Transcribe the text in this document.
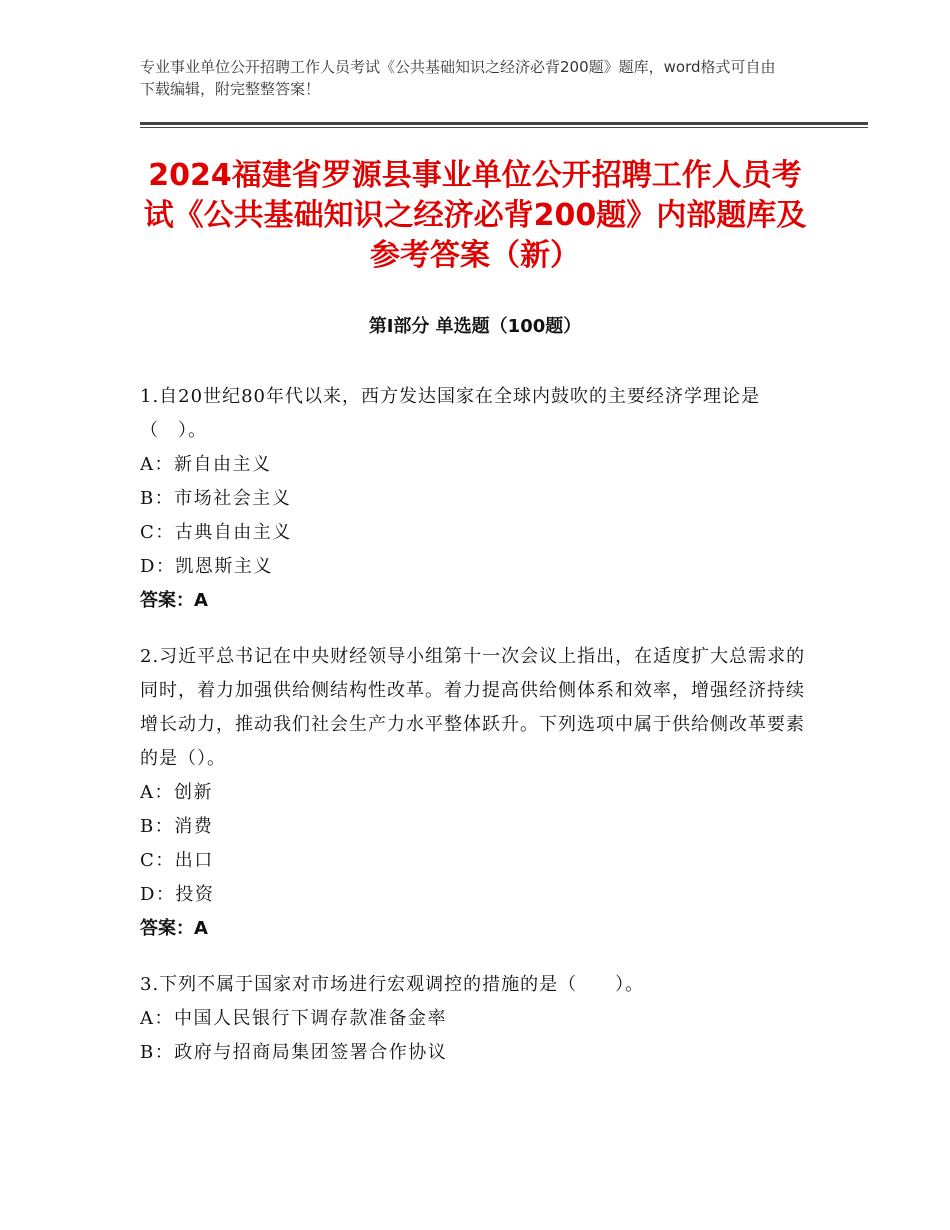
专业事业单位公开招聘工作人员考试《公共基础知识之经济必背200题》题库，word格式可自由下载编辑，附完整整答案！
2024福建省罗源县事业单位公开招聘工作人员考试《公共基础知识之经济必背200题》内部题库及参考答案（新）
第Ⅰ部分 单选题（100题）
1.自20世纪80年代以来，西方发达国家在全球内鼓吹的主要经济学理论是（　）。
A：新自由主义
B：市场社会主义
C：古典自由主义
D：凯恩斯主义
答案：A
2.习近平总书记在中央财经领导小组第十一次会议上指出，在适度扩大总需求的同时，着力加强供给侧结构性改革。着力提高供给侧体系和效率，增强经济持续增长动力，推动我们社会生产力水平整体跃升。下列选项中属于供给侧改革要素的是（）。
A：创新
B：消费
C：出口
D：投资
答案：A
3.下列不属于国家对市场进行宏观调控的措施的是（　　）。
A：中国人民银行下调存款准备金率
B：政府与招商局集团签署合作协议
